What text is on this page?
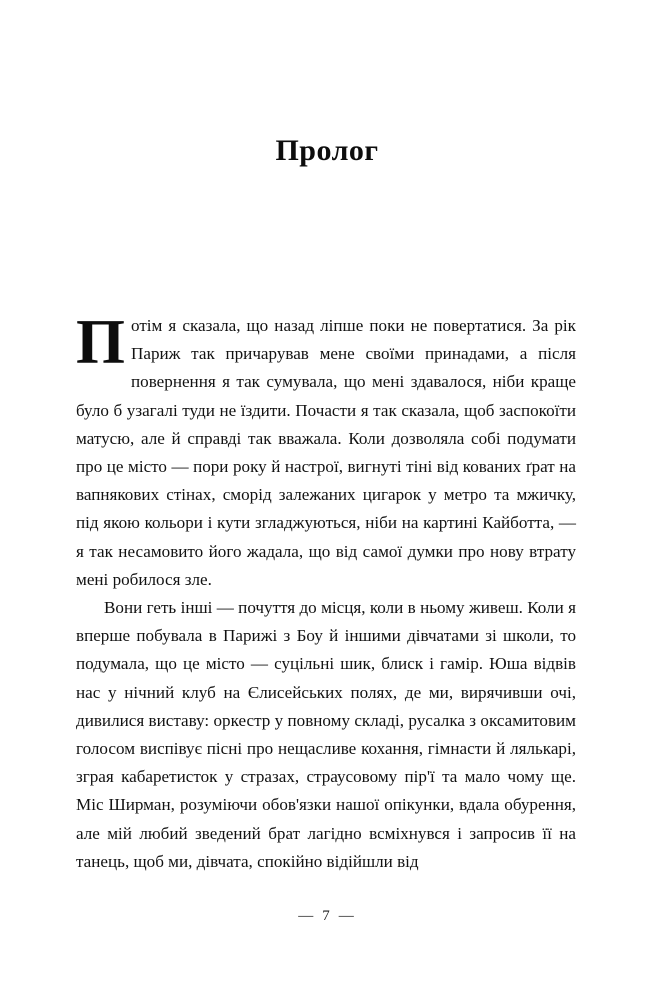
Пролог

Потім я сказала, що назад ліпше поки не повертатися. За рік Париж так причарував мене своїми принадами, а після повернення я так сумувала, що мені здавалося, ніби краще було б узагалі туди не їздити. Почасти я так сказала, щоб заспокоїти матусю, але й справді так вважала. Коли дозволяла собі подумати про це місто — пори року й настрої, вигнуті тіні від кованих ґрат на вапнякових стінах, сморід залежаних цигарок у метро та мжичку, під якою кольори і кути згладжуються, ніби на картині Кайботта, — я так несамовито його жадала, що від самої думки про нову втрату мені робилося зле.

Вони геть інші — почуття до місця, коли в ньому живеш. Коли я вперше побувала в Парижі з Боу й іншими дівчатами зі школи, то подумала, що це місто — суцільні шик, блиск і гамір. Юша відвів нас у нічний клуб на Єлисейських полях, де ми, вирячивши очі, дивилися виставу: оркестр у повному складі, русалка з оксамитовим голосом виспівує пісні про нещасливе кохання, гімнасти й лялькарі, зграя кабаретисток у стразах, страусовому пір'ї та мало чому ще. Міс Ширман, розуміючи обов'язки нашої опікунки, вдала обурення, але мій любий зведений брат лагідно всміхнувся і запросив її на танець, щоб ми, дівчата, спокійно відійшли від

— 7 —
